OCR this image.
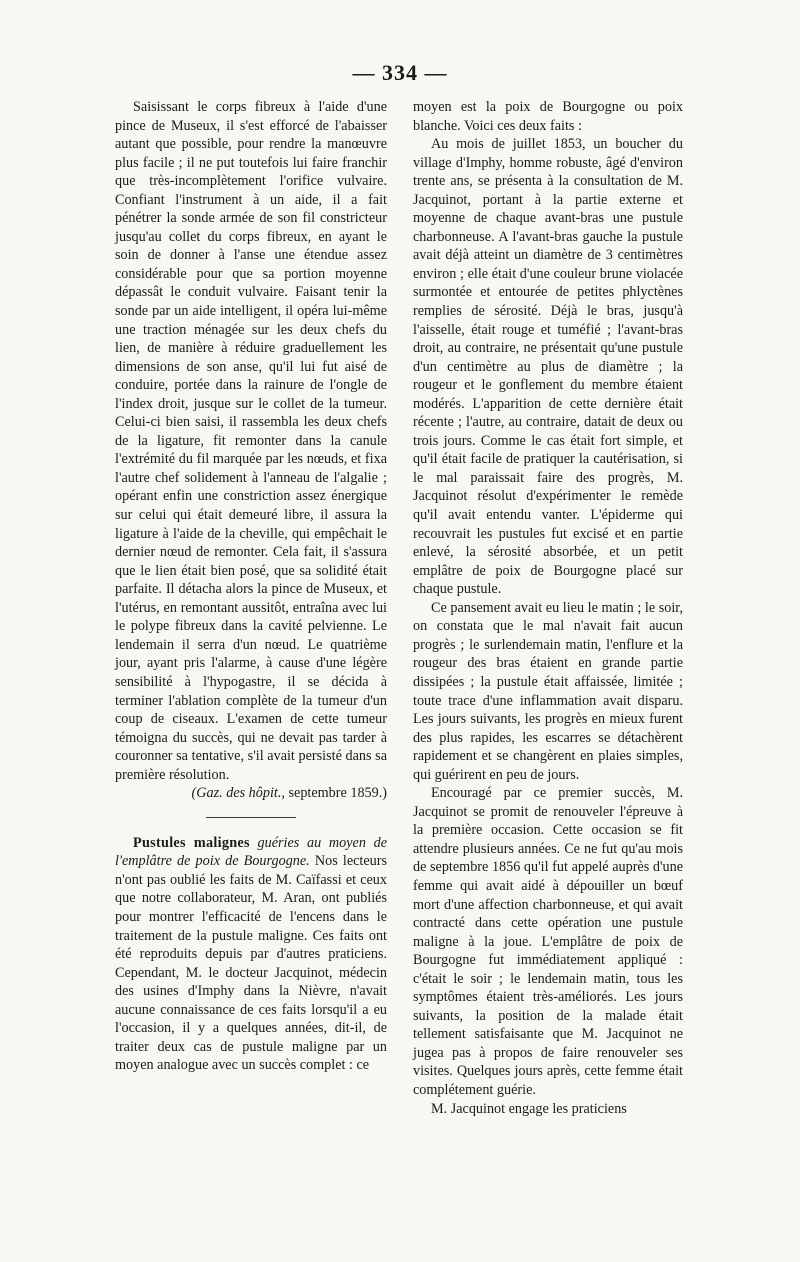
— 334 —

Saisissant le corps fibreux à l'aide d'une pince de Museux, il s'est efforcé de l'abaisser autant que possible, pour rendre la manœuvre plus facile ; il ne put toutefois lui faire franchir que très-incomplètement l'orifice vulvaire. Confiant l'instrument à un aide, il a fait pénétrer la sonde armée de son fil constricteur jusqu'au collet du corps fibreux, en ayant le soin de donner à l'anse une étendue assez considérable pour que sa portion moyenne dépassât le conduit vulvaire. Faisant tenir la sonde par un aide intelligent, il opéra lui-même une traction ménagée sur les deux chefs du lien, de manière à réduire graduellement les dimensions de son anse, qu'il lui fut aisé de conduire, portée dans la rainure de l'ongle de l'index droit, jusque sur le collet de la tumeur. Celui-ci bien saisi, il rassembla les deux chefs de la ligature, fit remonter dans la canule l'extrémité du fil marquée par les nœuds, et fixa l'autre chef solidement à l'anneau de l'algalie ; opérant enfin une constriction assez énergique sur celui qui était demeuré libre, il assura la ligature à l'aide de la cheville, qui empêchait le dernier nœud de remonter. Cela fait, il s'assura que le lien était bien posé, que sa solidité était parfaite. Il détacha alors la pince de Museux, et l'utérus, en remontant aussitôt, entraîna avec lui le polype fibreux dans la cavité pelvienne. Le lendemain il serra d'un nœud. Le quatrième jour, ayant pris l'alarme, à cause d'une légère sensibilité à l'hypogastre, il se décida à terminer l'ablation complète de la tumeur d'un coup de ciseaux. L'examen de cette tumeur témoigna du succès, qui ne devait pas tarder à couronner sa tentative, s'il avait persisté dans sa première résolution.

(Gaz. des hôpit., septembre 1859.)

Pustules malignes guéries au moyen de l'emplâtre de poix de Bourgogne. Nos lecteurs n'ont pas oublié les faits de M. Caïfassi et ceux que notre collaborateur, M. Aran, ont publiés pour montrer l'efficacité de l'encens dans le traitement de la pustule maligne. Ces faits ont été reproduits depuis par d'autres praticiens. Cependant, M. le docteur Jacquinot, médecin des usines d'Imphy dans la Nièvre, n'avait aucune connaissance de ces faits lorsqu'il a eu l'occasion, il y a quelques années, dit-il, de traiter deux cas de pustule maligne par un moyen analogue avec un succès complet : ce

moyen est la poix de Bourgogne ou poix blanche. Voici ces deux faits :

Au mois de juillet 1853, un boucher du village d'Imphy, homme robuste, âgé d'environ trente ans, se présenta à la consultation de M. Jacquinot, portant à la partie externe et moyenne de chaque avant-bras une pustule charbonneuse. A l'avant-bras gauche la pustule avait déjà atteint un diamètre de 3 centimètres environ ; elle était d'une couleur brune violacée surmontée et entourée de petites phlyctènes remplies de sérosité. Déjà le bras, jusqu'à l'aisselle, était rouge et tuméfié ; l'avant-bras droit, au contraire, ne présentait qu'une pustule d'un centimètre au plus de diamètre ; la rougeur et le gonflement du membre étaient modérés. L'apparition de cette dernière était récente ; l'autre, au contraire, datait de deux ou trois jours. Comme le cas était fort simple, et qu'il était facile de pratiquer la cautérisation, si le mal paraissait faire des progrès, M. Jacquinot résolut d'expérimenter le remède qu'il avait entendu vanter. L'épiderme qui recouvrait les pustules fut excisé et en partie enlevé, la sérosité absorbée, et un petit emplâtre de poix de Bourgogne placé sur chaque pustule.

Ce pansement avait eu lieu le matin ; le soir, on constata que le mal n'avait fait aucun progrès ; le surlendemain matin, l'enflure et la rougeur des bras étaient en grande partie dissipées ; la pustule était affaissée, limitée ; toute trace d'une inflammation avait disparu. Les jours suivants, les progrès en mieux furent des plus rapides, les escarres se détachèrent rapidement et se changèrent en plaies simples, qui guérirent en peu de jours.

Encouragé par ce premier succès, M. Jacquinot se promit de renouveler l'épreuve à la première occasion. Cette occasion se fit attendre plusieurs années. Ce ne fut qu'au mois de septembre 1856 qu'il fut appelé auprès d'une femme qui avait aidé à dépouiller un bœuf mort d'une affection charbonneuse, et qui avait contracté dans cette opération une pustule maligne à la joue. L'emplâtre de poix de Bourgogne fut immédiatement appliqué : c'était le soir ; le lendemain matin, tous les symptômes étaient très-améliorés. Les jours suivants, la position de la malade était tellement satisfaisante que M. Jacquinot ne jugea pas à propos de faire renouveler ses visites. Quelques jours après, cette femme était complétement guérie.

M. Jacquinot engage les praticiens
